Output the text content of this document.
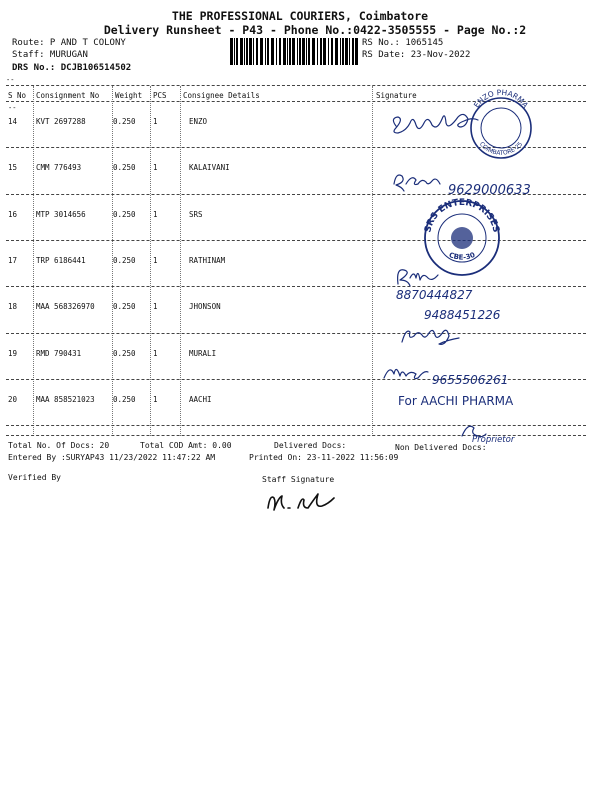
THE PROFESSIONAL COURIERS, Coimbatore
Delivery Runsheet - P43 - Phone No.:0422-3505555 - Page No.:2
Route: P AND T COLONY
Staff: MURUGAN
DRS No.: DCJB106514502
RS No.: 1065145
RS Date: 23-Nov-2022
--
S No Consignment No Weight PCS Consignee Details	Signature
--
14	KVT 2697288	0.250 1	ENZO
15	CMM 776493	0.250 1	KALAIVANI
16	MTP 3014656	0.250 1	SRS
17	TRP 6186441	0.250 1	RATHINAM
18	MAA 568326970 0.250 1	JHONSON
19	RMD 790431	0.250 1	MURALI
20	MAA 858521023 0.250 1	AACHI
ENZO PHARMA
COIMBATORE-25
9629000633
SRS ENTERPRISES
CBE-30
8870444827
9488451226
9655506261
For AACHI PHARMA
Proprietor
Total No. Of Docs: 20	Total COD Amt: 0.00	Delivered Docs:	Non Delivered Docs:
Entered By :SURYAP43 11/23/2022 11:47:22 AM	Printed On: 23-11-2022 11:56:09
Verified By	Staff Signature
